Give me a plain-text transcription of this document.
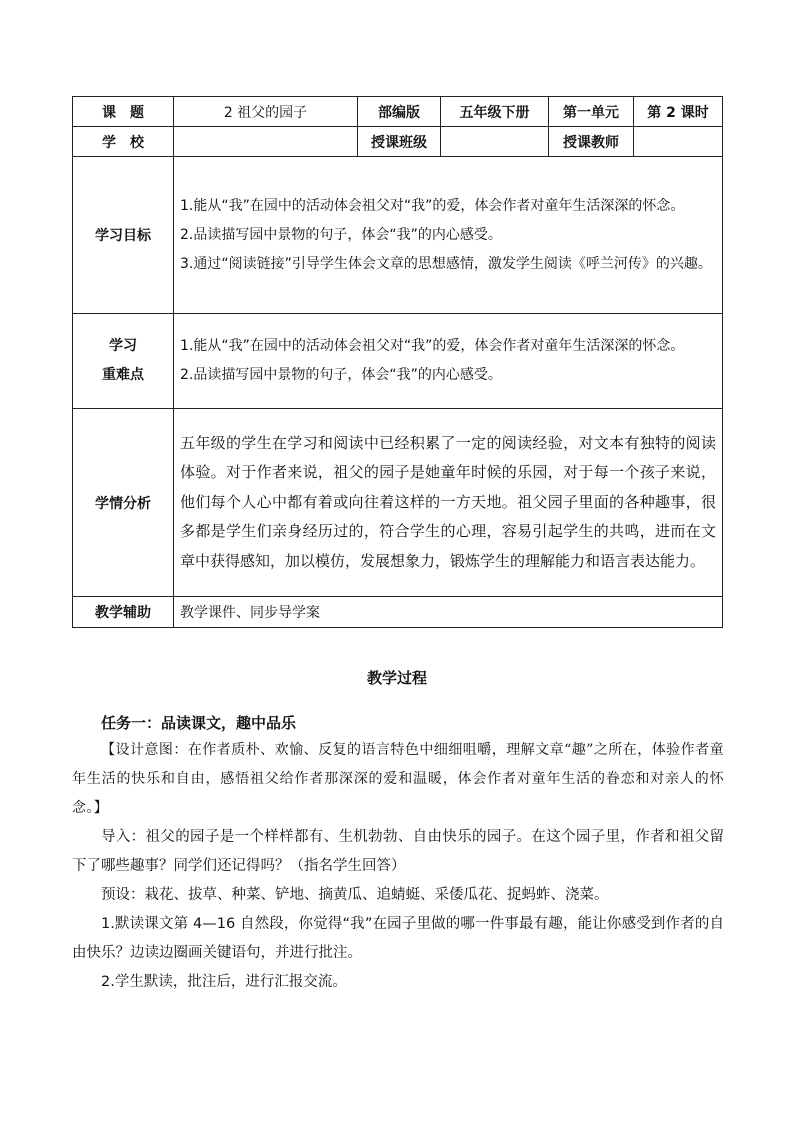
课　题	2 祖父的园子	部编版	五年级下册	第一单元	第 2 课时
学　校		授课班级		授课教师	
学习目标	1.能从“我”在园中的活动体会祖父对“我”的爱，体会作者对童年生活深深的怀念。
2.品读描写园中景物的句子，体会“我”的内心感受。
3.通过“阅读链接”引导学生体会文章的思想感情，激发学生阅读《呼兰河传》的兴趣。				

学习
重难点	1.能从“我”在园中的活动体会祖父对“我”的爱，体会作者对童年生活深深的怀念。
2.品读描写园中景物的句子，体会“我”的内心感受。				

学情分析	五年级的学生在学习和阅读中已经积累了一定的阅读经验，对文本有独特的阅读体验。对于作者来说，祖父的园子是她童年时候的乐园，对于每一个孩子来说，他们每个人心中都有着或向往着这样的一方天地。祖父园子里面的各种趣事，很多都是学生们亲身经历过的，符合学生的心理，容易引起学生的共鸣，进而在文章中获得感知，加以模仿，发展想象力，锻炼学生的理解能力和语言表达能力。				
教学辅助	教学课件、同步导学案				
教学过程
任务一：品读课文，趣中品乐

【设计意图：在作者质朴、欢愉、反复的语言特色中细细咀嚼，理解文章“趣”之所在，体验作者童年生活的快乐和自由，感悟祖父给作者那深深的爱和温暖，体会作者对童年生活的眷恋和对亲人的怀念。】

导入：祖父的园子是一个样样都有、生机勃勃、自由快乐的园子。在这个园子里，作者和祖父留下了哪些趣事？同学们还记得吗？（指名学生回答）

预设：栽花、拔草、种菜、铲地、摘黄瓜、追蜻蜓、采倭瓜花、捉蚂蚱、浇菜。

1.默读课文第 4—16 自然段，你觉得“我”在园子里做的哪一件事最有趣，能让你感受到作者的自由快乐？边读边圈画关键语句，并进行批注。

2.学生默读，批注后，进行汇报交流。
